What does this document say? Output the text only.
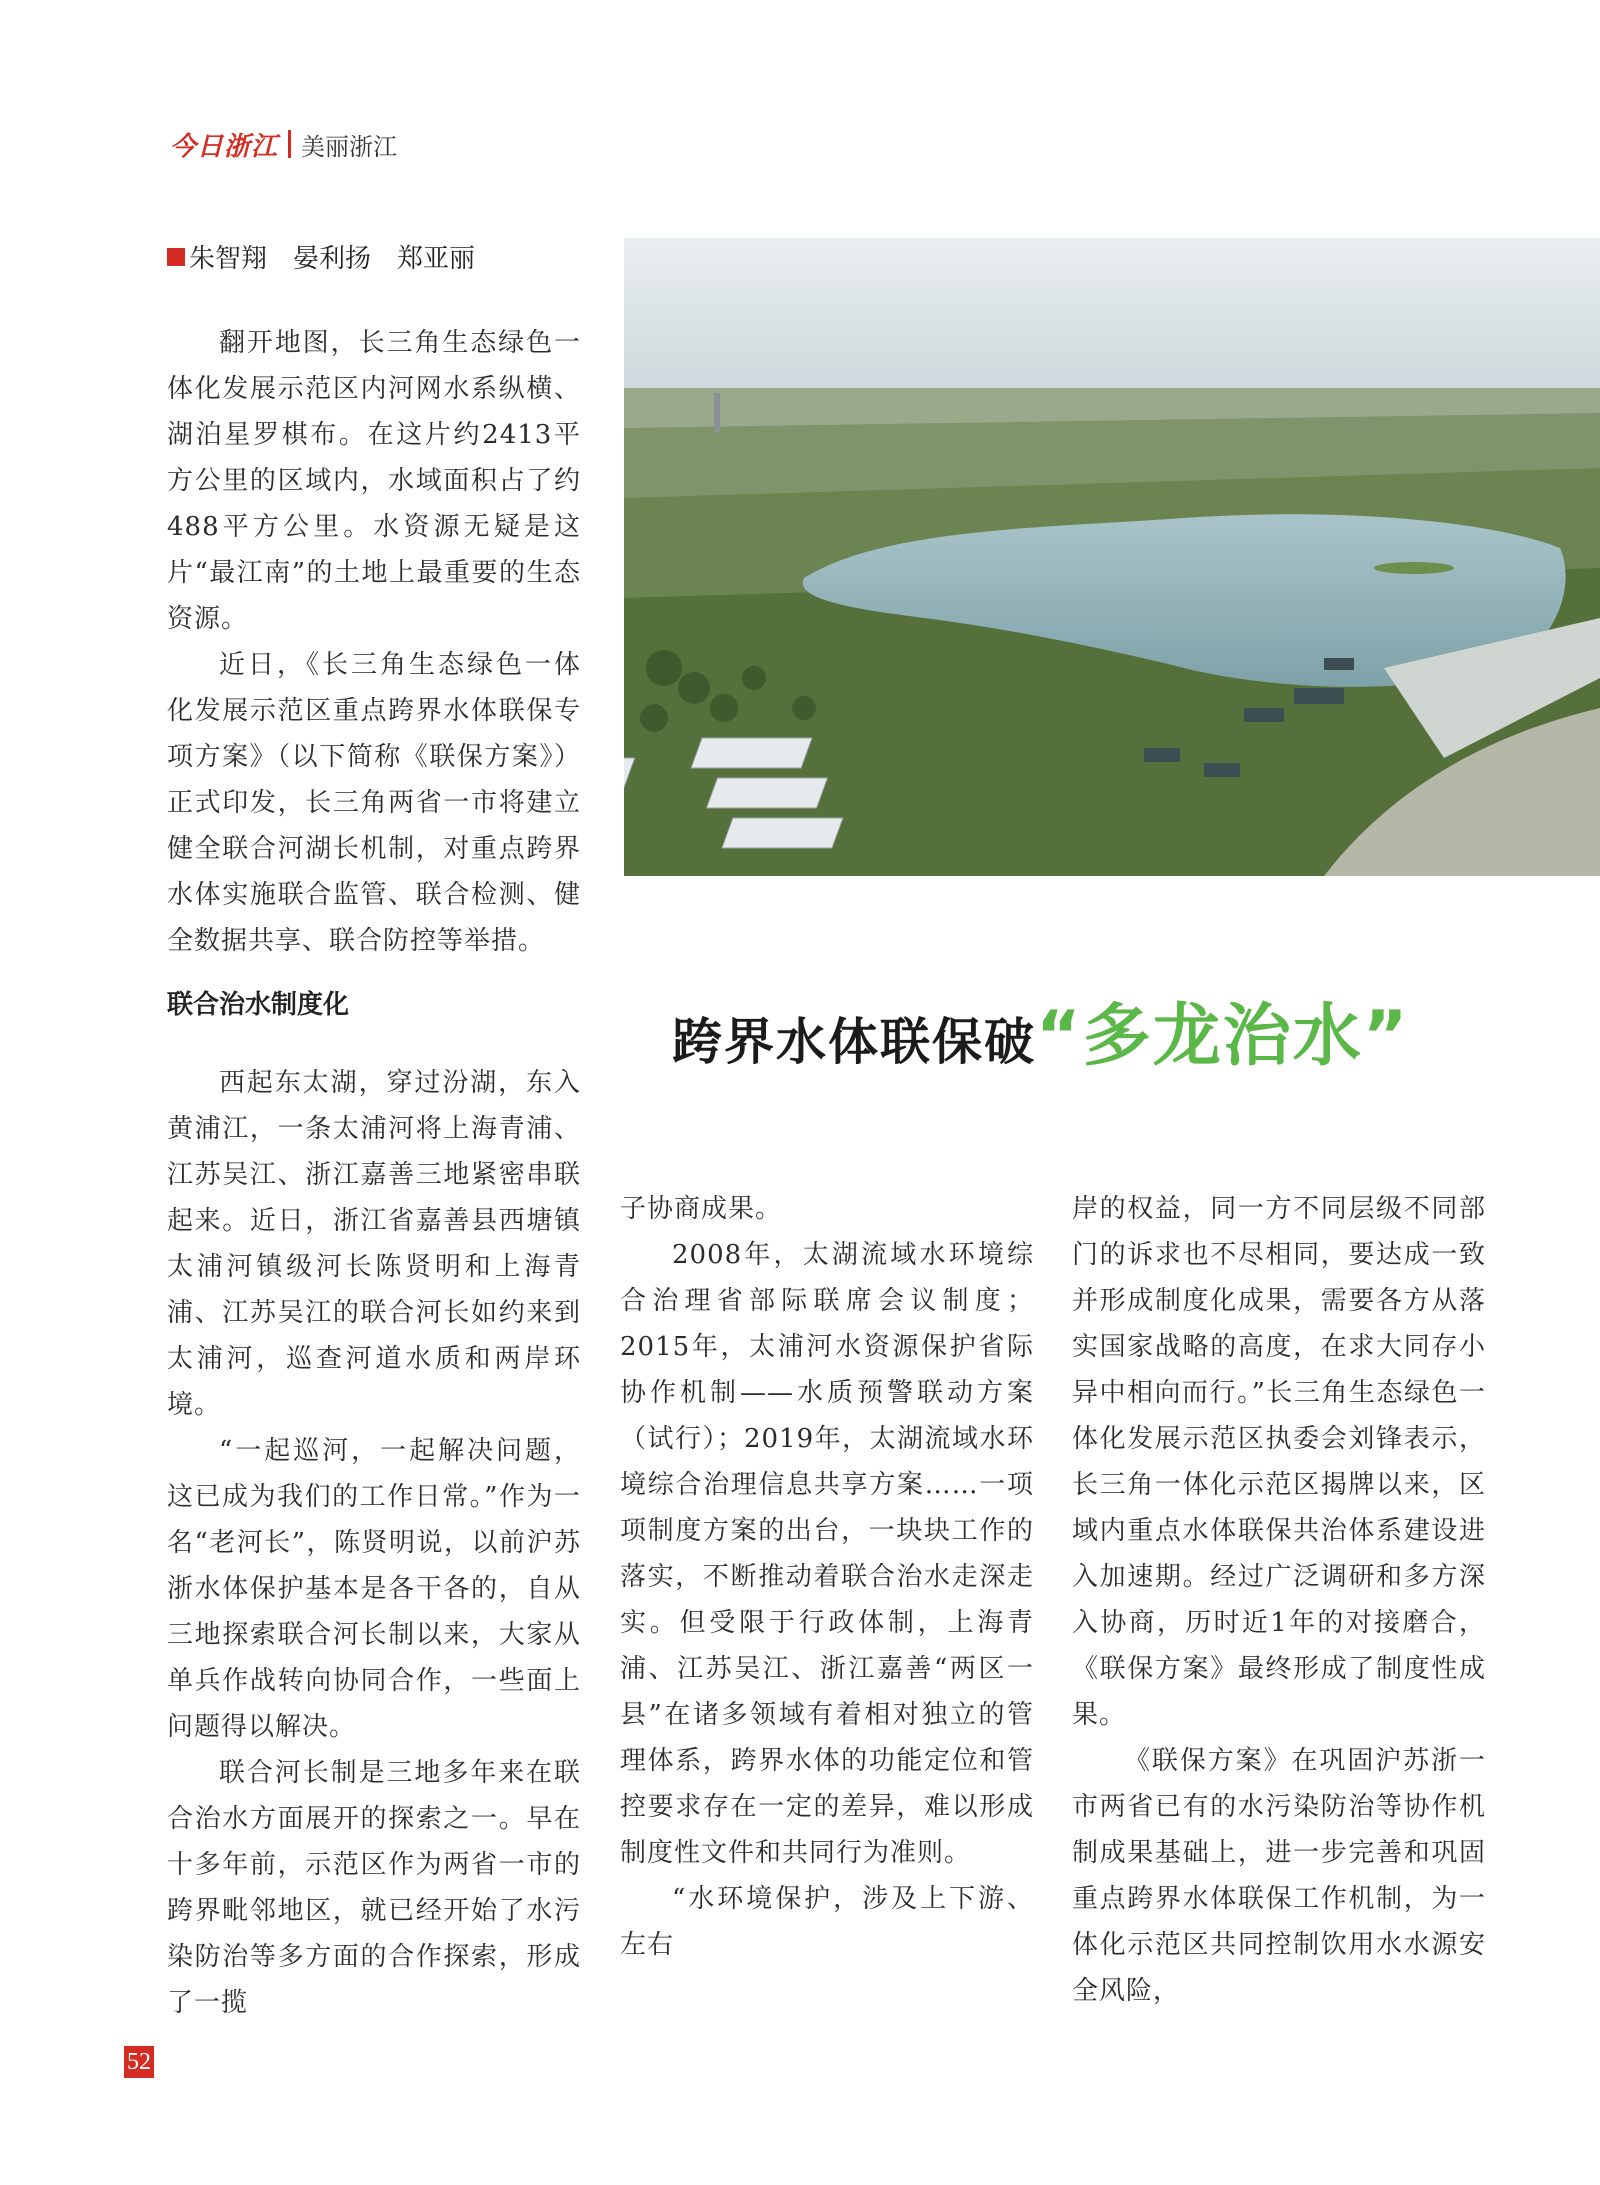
今日浙江 美丽浙江
朱智翔 晏利扬 郑亚丽

翻开地图，长三角生态绿色一体化发展示范区内河网水系纵横、湖泊星罗棋布。在这片约2413平方公里的区域内，水域面积占了约488平方公里。水资源无疑是这片“最江南”的土地上最重要的生态资源。

近日，《长三角生态绿色一体化发展示范区重点跨界水体联保专项方案》（以下简称《联保方案》）正式印发，长三角两省一市将建立健全联合河湖长机制，对重点跨界水体实施联合监管、联合检测、健全数据共享、联合防控等举措。

联合治水制度化
跨界水体联保破 “多龙治水”

西起东太湖，穿过汾湖，东入黄浦江，一条太浦河将上海青浦、江苏吴江、浙江嘉善三地紧密串联起来。近日，浙江省嘉善县西塘镇太浦河镇级河长陈贤明和上海青浦、江苏吴江的联合河长如约来到太浦河，巡查河道水质和两岸环境。

“一起巡河，一起解决问题，这已成为我们的工作日常。”作为一名“老河长”，陈贤明说，以前沪苏浙水体保护基本是各干各的，自从三地探索联合河长制以来，大家从单兵作战转向协同合作，一些面上问题得以解决。

联合河长制是三地多年来在联合治水方面展开的探索之一。早在十多年前，示范区作为两省一市的跨界毗邻地区，就已经开始了水污染防治等多方面的合作探索，形成了一揽

子协商成果。

2008年，太湖流域水环境综合治理省部际联席会议制度；2015年，太浦河水资源保护省际协作机制——水质预警联动方案（试行）；2019年，太湖流域水环境综合治理信息共享方案……一项项制度方案的出台，一块块工作的落实，不断推动着联合治水走深走实。但受限于行政体制，上海青浦、江苏吴江、浙江嘉善“两区一县”在诸多领域有着相对独立的管理体系，跨界水体的功能定位和管控要求存在一定的差异，难以形成制度性文件和共同行为准则。

“水环境保护，涉及上下游、左右

岸的权益，同一方不同层级不同部门的诉求也不尽相同，要达成一致并形成制度化成果，需要各方从落实国家战略的高度，在求大同存小异中相向而行。”长三角生态绿色一体化发展示范区执委会刘锋表示，长三角一体化示范区揭牌以来，区域内重点水体联保共治体系建设进入加速期。经过广泛调研和多方深入协商，历时近1年的对接磨合，《联保方案》最终形成了制度性成果。

《联保方案》在巩固沪苏浙一市两省已有的水污染防治等协作机制成果基础上，进一步完善和巩固重点跨界水体联保工作机制，为一体化示范区共同控制饮用水水源安全风险，

52
